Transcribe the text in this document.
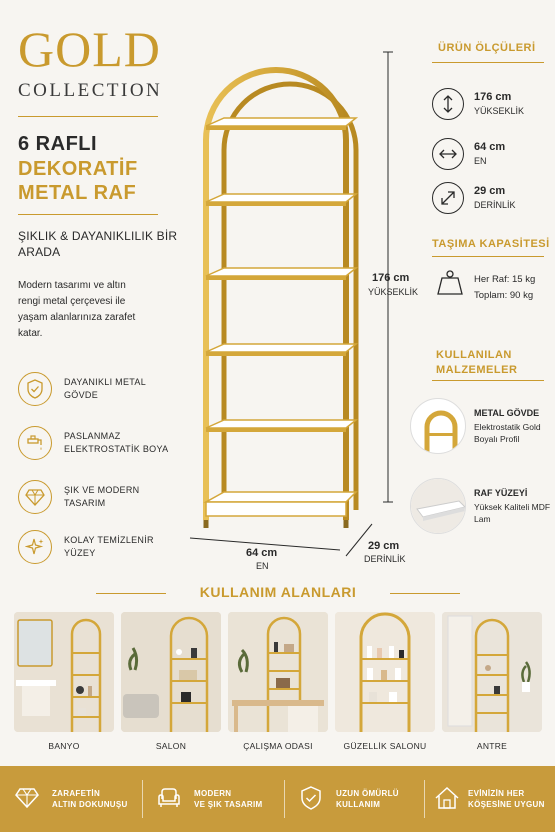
GOLD
COLLECTION
6 RAFLI
DEKORATİF METAL RAF
ŞIKLIK & DAYANIKLILIK BİR ARADA
Modern tasarımı ve altın rengi metal çerçevesi ile yaşam alanlarınıza zarafet katar.
DAYANIKLI METAL GÖVDE
PASLANMAZ ELEKTROSTATİK BOYA
ŞIK VE MODERN TASARIM
KOLAY TEMİZLENİR YÜZEY
176 cm
YÜKSEKLİK
64 cm
EN
29 cm
DERİNLİK
ÜRÜN ÖLÇÜLERİ
176 cm
YÜKSEKLİK
64 cm
EN
29 cm
DERİNLİK
TAŞIMA KAPASİTESİ
Her Raf: 15 kg
Toplam: 90 kg
KULLANILAN MALZEMELER
METAL GÖVDE
Elektrostatik Gold Boyalı Profil
RAF YÜZEYİ
Yüksek Kaliteli MDF Lam
KULLANIM ALANLARI
BANYO	SALON	ÇALIŞMA ODASI	GÜZELLİK SALONU	ANTRE
ZARAFETİN
ALTIN DOKUNUŞU
MODERN
VE ŞIK TASARIM
UZUN ÖMÜRLÜ
KULLANIM
EVİNİZİN HER
KÖŞESİNE UYGUN
